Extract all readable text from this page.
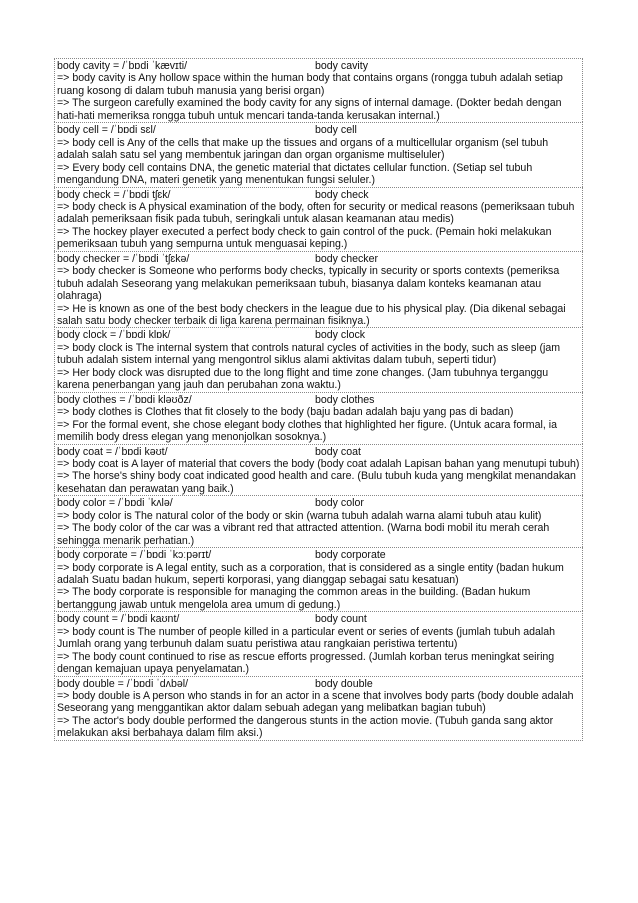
body cavity = /ˈbɒdi ˈkævɪti/	body cavity

=> body cavity is Any hollow space within the human body that contains organs (rongga tubuh adalah setiap ruang kosong di dalam tubuh manusia yang berisi organ)

=> The surgeon carefully examined the body cavity for any signs of internal damage. (Dokter bedah dengan hati-hati memeriksa rongga tubuh untuk mencari tanda-tanda kerusakan internal.)

body cell = /ˈbɒdi sɛl/	body cell

=> body cell is Any of the cells that make up the tissues and organs of a multicellular organism (sel tubuh adalah salah satu sel yang membentuk jaringan dan organ organisme multiseluler)

=> Every body cell contains DNA, the genetic material that dictates cellular function. (Setiap sel tubuh mengandung DNA, materi genetik yang menentukan fungsi seluler.)

body check = /ˈbɒdi tʃɛk/	body check

=> body check is A physical examination of the body, often for security or medical reasons (pemeriksaan tubuh adalah pemeriksaan fisik pada tubuh, seringkali untuk alasan keamanan atau medis)

=> The hockey player executed a perfect body check to gain control of the puck. (Pemain hoki melakukan pemeriksaan tubuh yang sempurna untuk menguasai keping.)

body checker = /ˈbɒdi ˈtʃɛkə/	body checker

=> body checker is Someone who performs body checks, typically in security or sports contexts (pemeriksa tubuh adalah Seseorang yang melakukan pemeriksaan tubuh, biasanya dalam konteks keamanan atau olahraga)

=> He is known as one of the best body checkers in the league due to his physical play. (Dia dikenal sebagai salah satu body checker terbaik di liga karena permainan fisiknya.)

body clock = /ˈbɒdi klɒk/	body clock

=> body clock is The internal system that controls natural cycles of activities in the body, such as sleep (jam tubuh adalah sistem internal yang mengontrol siklus alami aktivitas dalam tubuh, seperti tidur)

=> Her body clock was disrupted due to the long flight and time zone changes. (Jam tubuhnya terganggu karena penerbangan yang jauh dan perubahan zona waktu.)

body clothes = /ˈbɒdi kləʊðz/	body clothes

=> body clothes is Clothes that fit closely to the body (baju badan adalah baju yang pas di badan)

=> For the formal event, she chose elegant body clothes that highlighted her figure. (Untuk acara formal, ia memilih body dress elegan yang menonjolkan sosoknya.)

body coat = /ˈbɒdi kəʊt/	body coat

=> body coat is A layer of material that covers the body (body coat adalah Lapisan bahan yang menutupi tubuh)

=> The horse's shiny body coat indicated good health and care. (Bulu tubuh kuda yang mengkilat menandakan kesehatan dan perawatan yang baik.)

body color = /ˈbɒdi ˈkʌlə/	body color

=> body color is The natural color of the body or skin (warna tubuh adalah warna alami tubuh atau kulit)

=> The body color of the car was a vibrant red that attracted attention. (Warna bodi mobil itu merah cerah sehingga menarik perhatian.)

body corporate = /ˈbɒdi ˈkɔːpərɪt/	body corporate

=> body corporate is A legal entity, such as a corporation, that is considered as a single entity (badan hukum adalah Suatu badan hukum, seperti korporasi, yang dianggap sebagai satu kesatuan)

=> The body corporate is responsible for managing the common areas in the building. (Badan hukum bertanggung jawab untuk mengelola area umum di gedung.)

body count = /ˈbɒdi kaʊnt/	body count

=> body count is The number of people killed in a particular event or series of events (jumlah tubuh adalah Jumlah orang yang terbunuh dalam suatu peristiwa atau rangkaian peristiwa tertentu)

=> The body count continued to rise as rescue efforts progressed. (Jumlah korban terus meningkat seiring dengan kemajuan upaya penyelamatan.)

body double = /ˈbɒdi ˈdʌbəl/	body double

=> body double is A person who stands in for an actor in a scene that involves body parts (body double adalah Seseorang yang menggantikan aktor dalam sebuah adegan yang melibatkan bagian tubuh)

=> The actor's body double performed the dangerous stunts in the action movie. (Tubuh ganda sang aktor melakukan aksi berbahaya dalam film aksi.)
